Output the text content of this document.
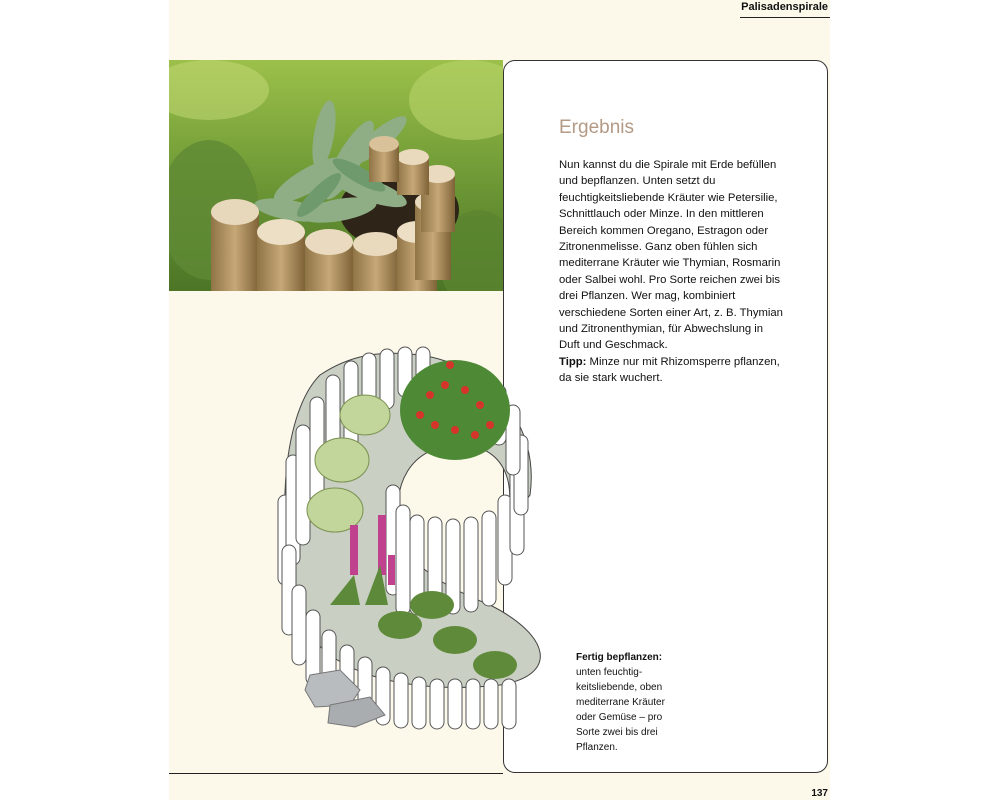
Palisadenspirale
Ergebnis

Nun kannst du die Spirale mit Erde befüllen und bepflanzen. Unten setzt du feuchtigkeitsliebende Kräuter wie Petersilie, Schnittlauch oder Minze. In den mittleren Bereich kommen Oregano, Estragon oder Zitronenmelisse. Ganz oben fühlen sich mediterrane Kräuter wie Thymian, Rosmarin oder Salbei wohl. Pro Sorte reichen zwei bis drei Pflanzen. Wer mag, kombiniert verschiedene Sorten einer Art, z. B. Thymian und Zitronenthymian, für Abwechslung in Duft und Geschmack.

Tipp: Minze nur mit Rhizomsperre pflanzen, da sie stark wuchert.

Fertig bepflanzen:
unten feuchtigkeitsliebende, oben mediterrane Kräuter oder Gemüse – pro Sorte zwei bis drei Pflanzen.
137
